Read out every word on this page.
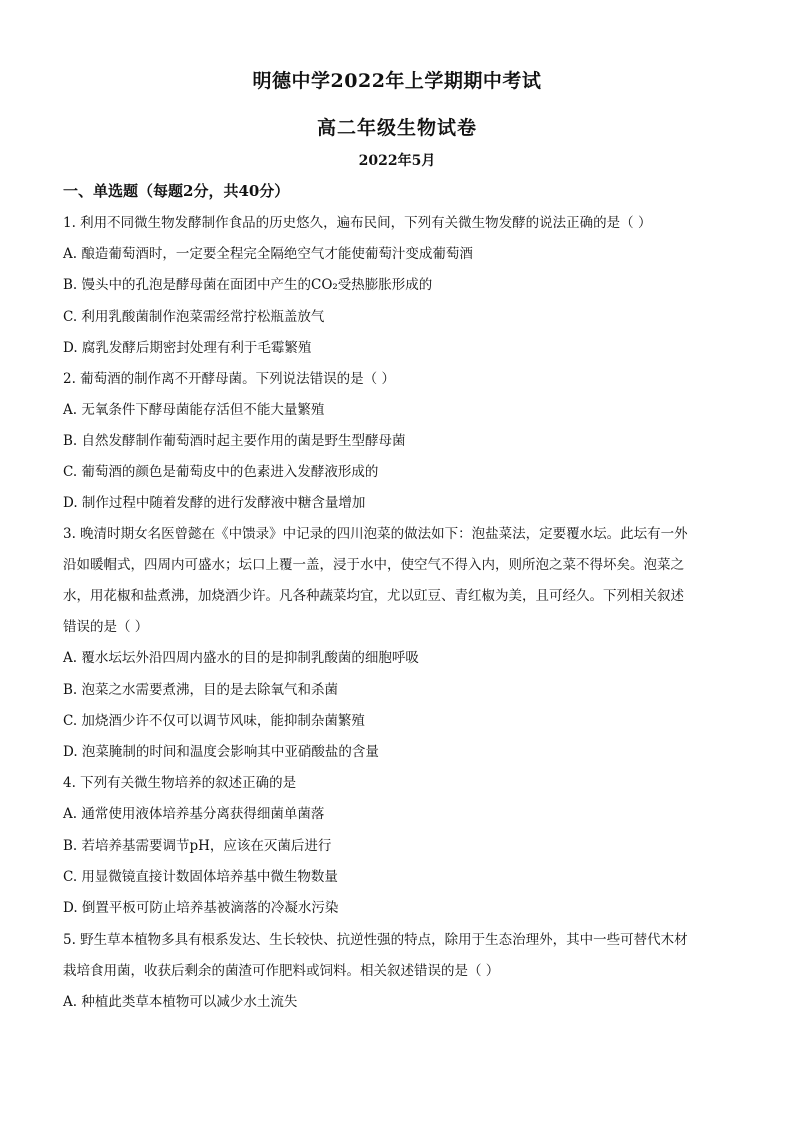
明德中学2022年上学期期中考试
高二年级生物试卷
2022年5月
一、单选题（每题2分，共40分）
1. 利用不同微生物发酵制作食品的历史悠久，遍布民间，下列有关微生物发酵的说法正确的是（ ）
A. 酿造葡萄酒时，一定要全程完全隔绝空气才能使葡萄汁变成葡萄酒
B. 馒头中的孔泡是酵母菌在面团中产生的CO₂受热膨胀形成的
C. 利用乳酸菌制作泡菜需经常拧松瓶盖放气
D. 腐乳发酵后期密封处理有利于毛霉繁殖
2. 葡萄酒的制作离不开酵母菌。下列说法错误的是（ ）
A. 无氧条件下酵母菌能存活但不能大量繁殖
B. 自然发酵制作葡萄酒时起主要作用的菌是野生型酵母菌
C. 葡萄酒的颜色是葡萄皮中的色素进入发酵液形成的
D. 制作过程中随着发酵的进行发酵液中糖含量增加
3. 晚清时期女名医曾懿在《中馈录》中记录的四川泡菜的做法如下：泡盐菜法，定要覆水坛。此坛有一外
沿如暖帽式，四周内可盛水；坛口上覆一盖，浸于水中，使空气不得入内，则所泡之菜不得坏矣。泡菜之
水，用花椒和盐煮沸，加烧酒少许。凡各种蔬菜均宜，尤以豇豆、青红椒为美，且可经久。下列相关叙述
错误的是（ ）
A. 覆水坛坛外沿四周内盛水的目的是抑制乳酸菌的细胞呼吸
B. 泡菜之水需要煮沸，目的是去除氧气和杀菌
C. 加烧酒少许不仅可以调节风味，能抑制杂菌繁殖
D. 泡菜腌制的时间和温度会影响其中亚硝酸盐的含量
4. 下列有关微生物培养的叙述正确的是
A. 通常使用液体培养基分离获得细菌单菌落
B. 若培养基需要调节pH，应该在灭菌后进行
C. 用显微镜直接计数固体培养基中微生物数量
D. 倒置平板可防止培养基被滴落的冷凝水污染
5. 野生草本植物多具有根系发达、生长较快、抗逆性强的特点，除用于生态治理外，其中一些可替代木材
栽培食用菌，收获后剩余的菌渣可作肥料或饲料。相关叙述错误的是（ ）
A. 种植此类草本植物可以减少水土流失
